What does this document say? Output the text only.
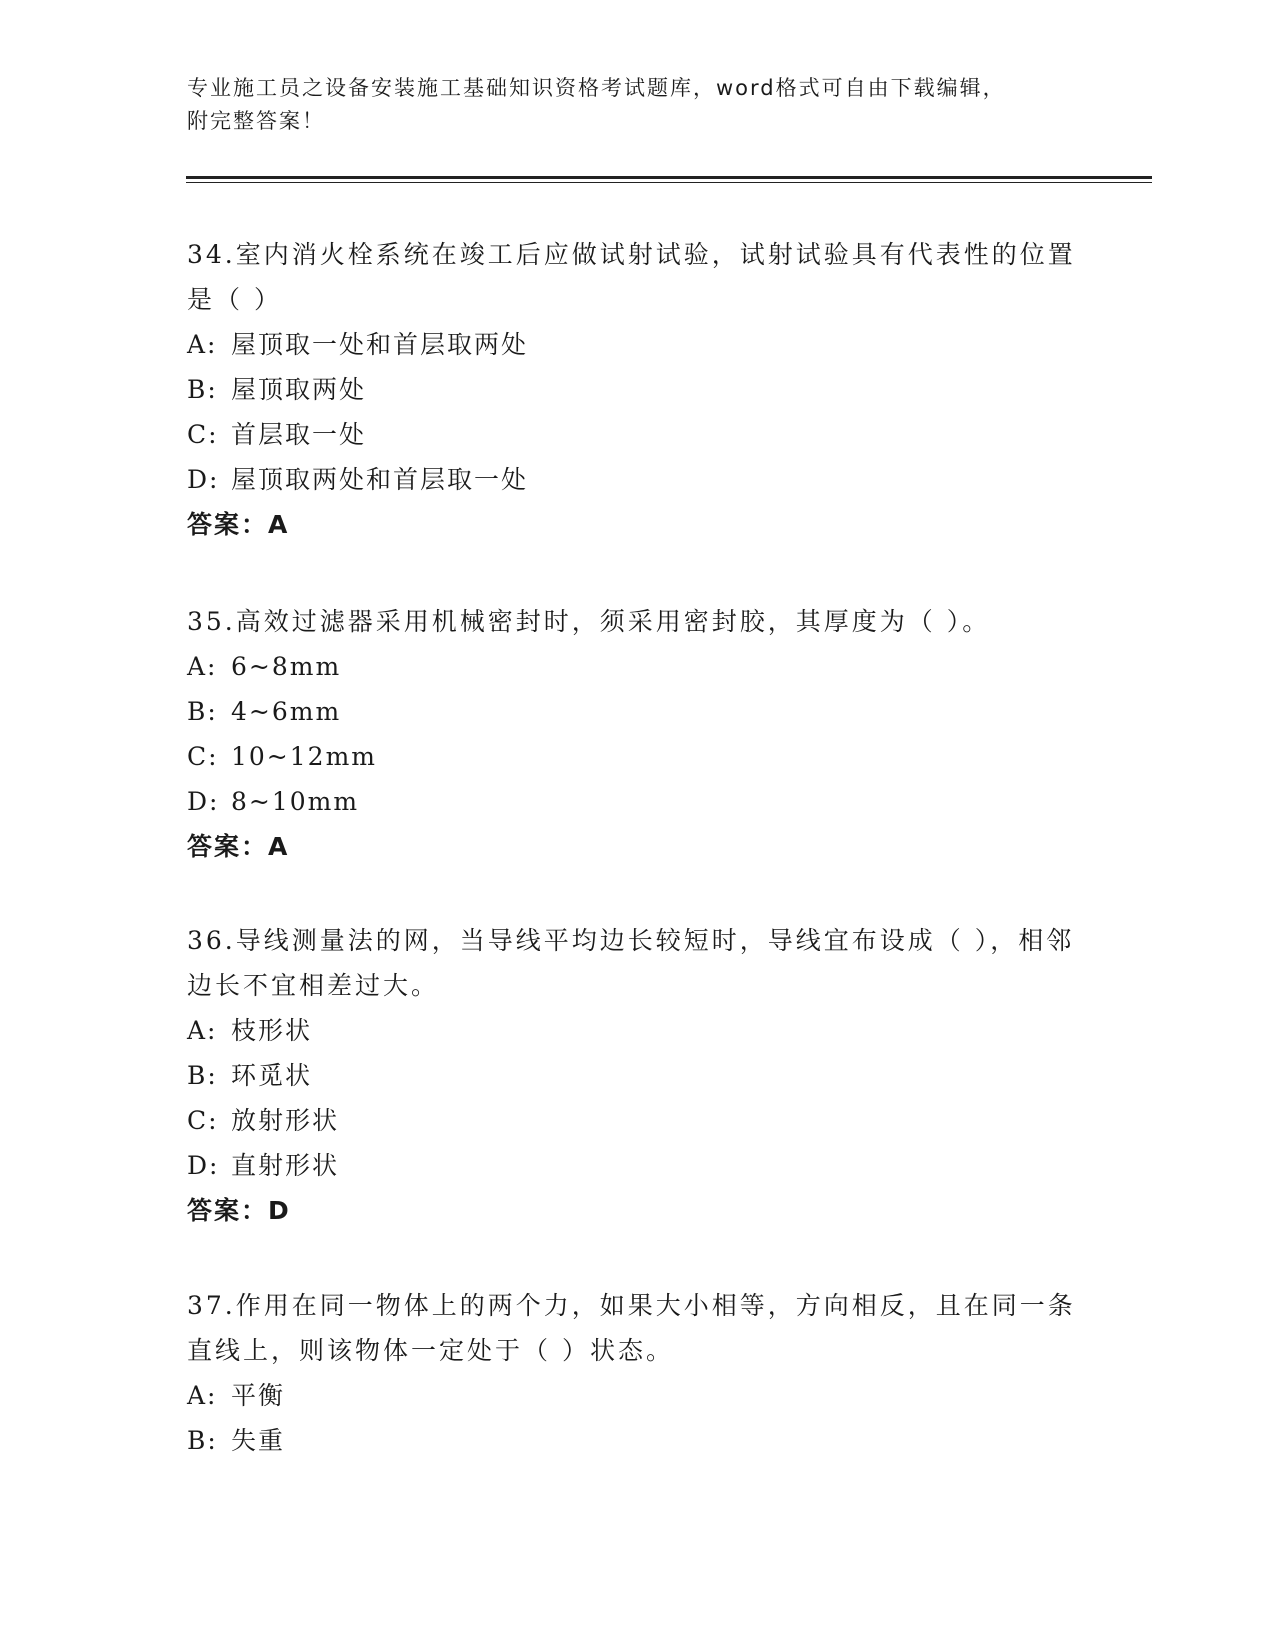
专业施工员之设备安装施工基础知识资格考试题库，word格式可自由下载编辑，
附完整答案！

34.室内消火栓系统在竣工后应做试射试验，试射试验具有代表性的位置是（ ）

A: 屋顶取一处和首层取两处

B: 屋顶取两处

C: 首层取一处

D: 屋顶取两处和首层取一处

答案：A

35.高效过滤器采用机械密封时，须采用密封胶，其厚度为（ ）。

A: 6~8mm

B: 4~6mm

C: 10~12mm

D: 8~10mm

答案：A

36.导线测量法的网，当导线平均边长较短时，导线宜布设成（ ），相邻边长不宜相差过大。

A: 枝形状

B: 环觅状

C: 放射形状

D: 直射形状

答案：D

37.作用在同一物体上的两个力，如果大小相等，方向相反，且在同一条直线上，则该物体一定处于（ ）状态。

A: 平衡

B: 失重
